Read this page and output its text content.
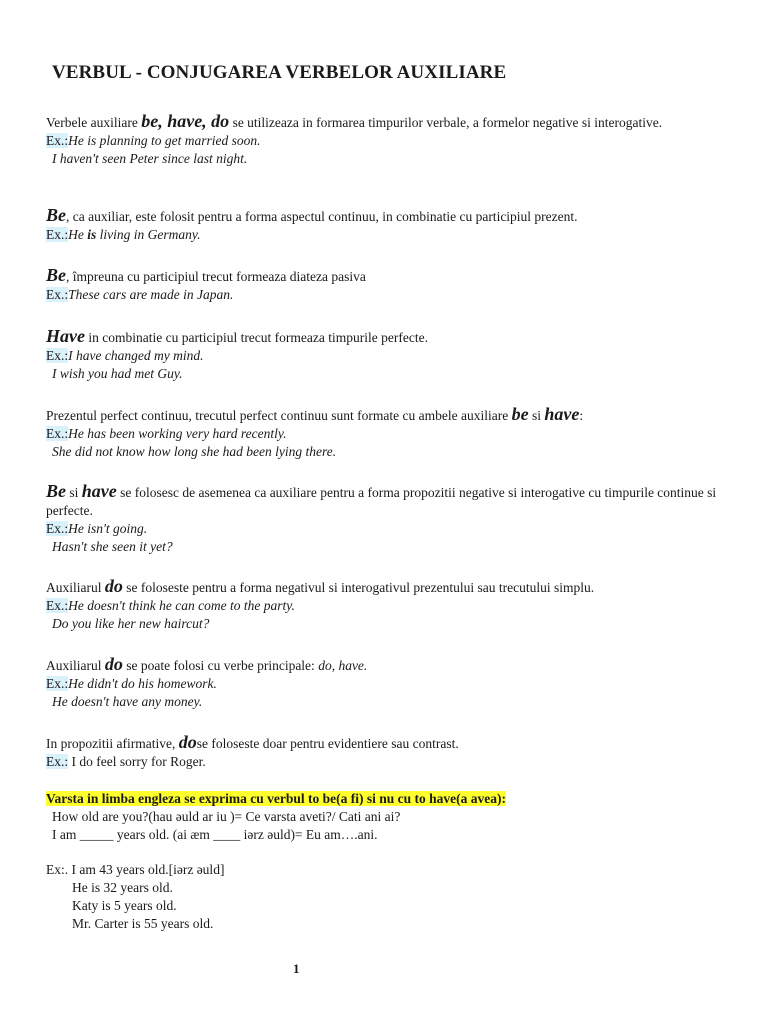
VERBUL - CONJUGAREA VERBELOR AUXILIARE
Verbele auxiliare be, have, do se utilizeaza in formarea timpurilor verbale, a formelor negative si interogative.
Ex.:He is planning to get married soon.
I haven't seen Peter since last night.
Be, ca auxiliar, este folosit pentru a forma aspectul continuu, in combinatie cu participiul prezent.
Ex.:He is living in Germany.
Be, împreuna cu participiul trecut formeaza diateza pasiva
Ex.:These cars are made in Japan.
Have in combinatie cu participiul trecut formeaza timpurile perfecte.
Ex.:I have changed my mind.
I wish you had met Guy.
Prezentul perfect continuu, trecutul perfect continuu sunt formate cu ambele auxiliare be si have:
Ex.:He has been working very hard recently.
She did not know how long she had been lying there.
Be si have se folosesc de asemenea ca auxiliare pentru a forma propozitii negative si interogative cu timpurile continue si perfecte.
Ex.:He isn't going.
Hasn't she seen it yet?
Auxiliarul do se foloseste pentru a forma negativul si interogativul prezentului sau trecutului simplu.
Ex.:He doesn't think he can come to the party.
Do you like her new haircut?
Auxiliarul do se poate folosi cu verbe principale: do, have.
Ex.:He didn't do his homework.
He doesn't have any money.
In propozitii afirmative, dose foloseste doar pentru evidentiere sau contrast.
Ex.: I do feel sorry for Roger.
Varsta in limba engleza se exprima cu verbul to be(a fi) si nu cu to have(a avea):
How old are you?(hau əuld ar iu )= Ce varsta aveti?/ Cati ani ai?
I am _____ years old. (ai æm ____ iərz əuld)= Eu am….ani.
Ex:. I am 43 years old.[iərz əuld]
He is 32 years old.
Katy is 5 years old.
Mr. Carter is 55 years old.
1
